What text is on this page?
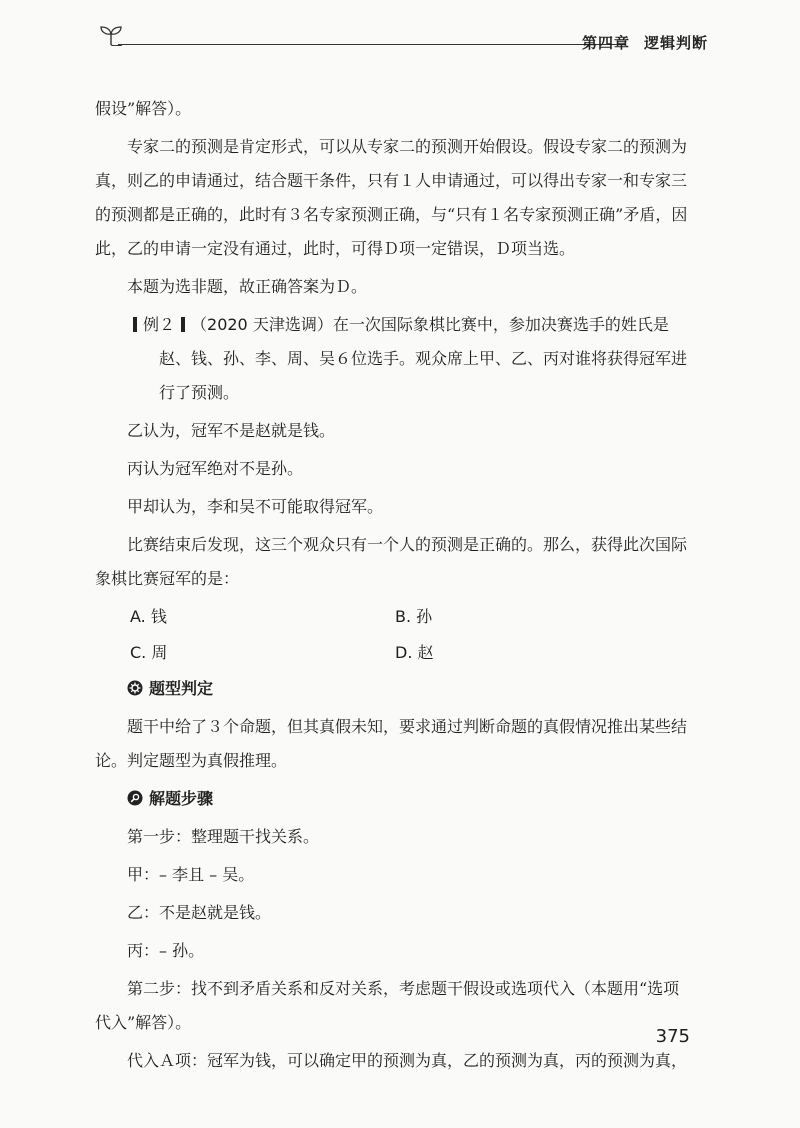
第四章 逻辑判断

假设”解答）。

专家二的预测是肯定形式，可以从专家二的预测开始假设。假设专家二的预测为真，则乙的申请通过，结合题干条件，只有１人申请通过，可以得出专家一和专家三的预测都是正确的，此时有３名专家预测正确，与“只有１名专家预测正确”矛盾，因此，乙的申请一定没有通过，此时，可得Ｄ项一定错误，Ｄ项当选。

本题为选非题，故正确答案为Ｄ。

例２ （2020 天津选调）在一次国际象棋比赛中，参加决赛选手的姓氏是赵、钱、孙、李、周、吴６位选手。观众席上甲、乙、丙对谁将获得冠军进行了预测。

乙认为，冠军不是赵就是钱。

丙认为冠军绝对不是孙。

甲却认为，李和吴不可能取得冠军。

比赛结束后发现，这三个观众只有一个人的预测是正确的。那么，获得此次国际象棋比赛冠军的是：

A. 钱	B. 孙
C. 周	D. 赵

题型判定

题干中给了３个命题，但其真假未知，要求通过判断命题的真假情况推出某些结论。判定题型为真假推理。

解题步骤

第一步：整理题干找关系。

甲：– 李且 – 吴。

乙：不是赵就是钱。

丙：– 孙。

第二步：找不到矛盾关系和反对关系，考虑题干假设或选项代入（本题用“选项代入”解答）。

代入Ａ项：冠军为钱，可以确定甲的预测为真，乙的预测为真，丙的预测为真，

375
